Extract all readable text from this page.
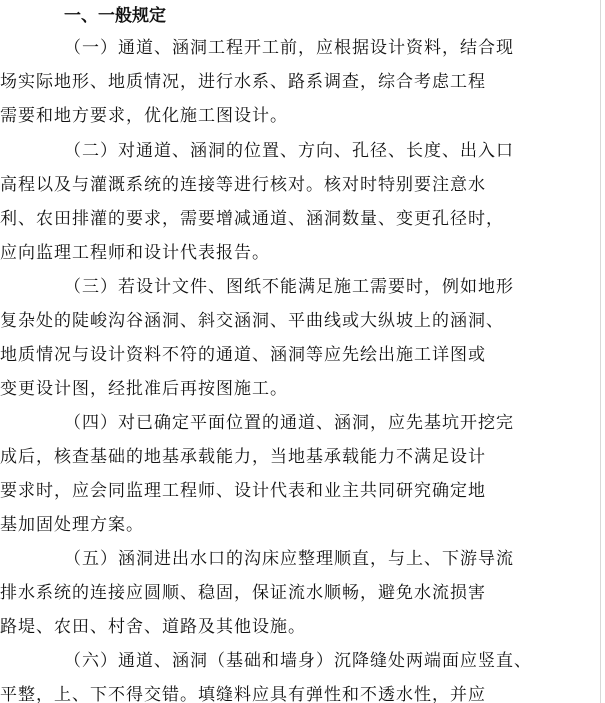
一、一般规定
（一）通道、涵洞工程开工前，应根据设计资料，结合现
场实际地形、地质情况，进行水系、路系调查，综合考虑工程
需要和地方要求，优化施工图设计。
（二）对通道、涵洞的位置、方向、孔径、长度、出入口
高程以及与灌溉系统的连接等进行核对。核对时特别要注意水
利、农田排灌的要求，需要增减通道、涵洞数量、变更孔径时，
应向监理工程师和设计代表报告。
（三）若设计文件、图纸不能满足施工需要时，例如地形
复杂处的陡峻沟谷涵洞、斜交涵洞、平曲线或大纵坡上的涵洞、
地质情况与设计资料不符的通道、涵洞等应先绘出施工详图或
变更设计图，经批准后再按图施工。
（四）对已确定平面位置的通道、涵洞，应先基坑开挖完
成后，核查基础的地基承载能力，当地基承载能力不满足设计
要求时，应会同监理工程师、设计代表和业主共同研究确定地
基加固处理方案。
（五）涵洞进出水口的沟床应整理顺直，与上、下游导流
排水系统的连接应圆顺、稳固，保证流水顺畅，避免水流损害
路堤、农田、村舍、道路及其他设施。
（六）通道、涵洞（基础和墙身）沉降缝处两端面应竖直、
平整，上、下不得交错。填缝料应具有弹性和不透水性，并应
